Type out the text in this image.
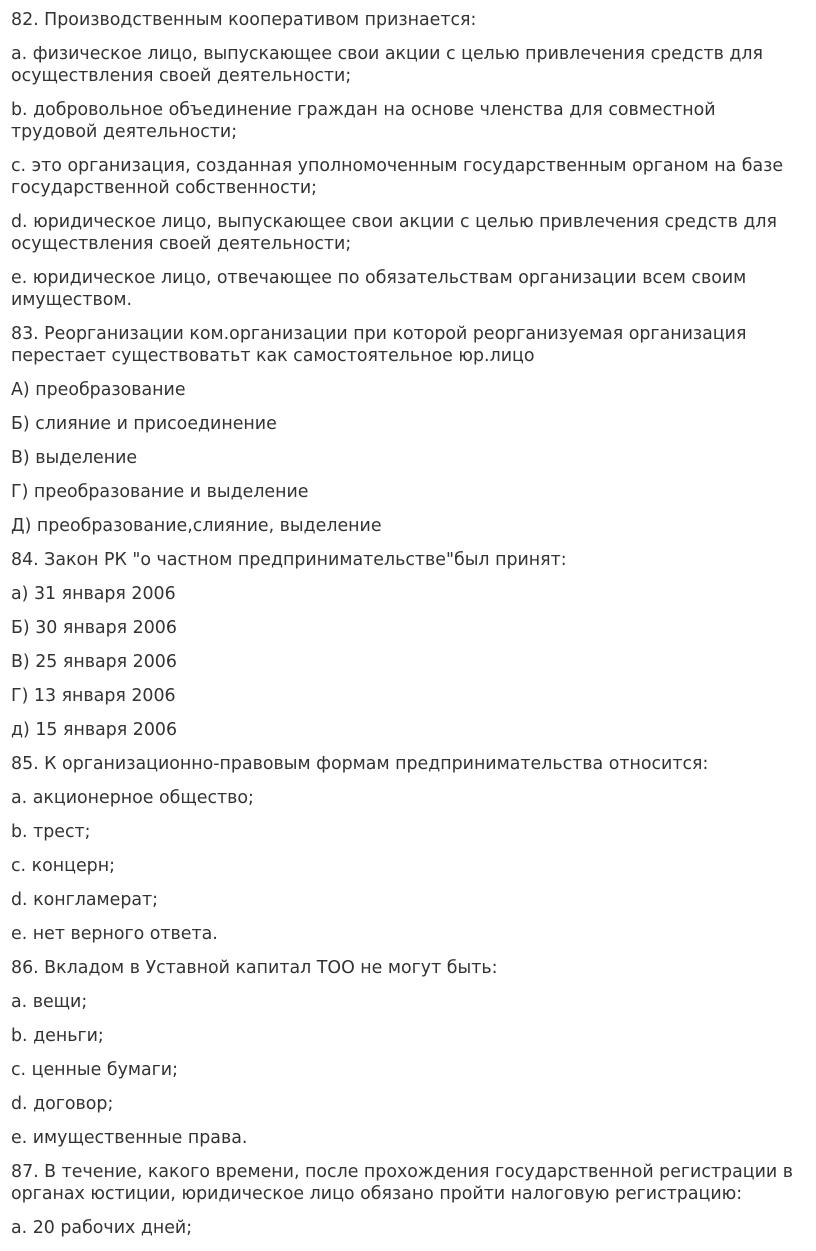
82. Производственным кооперативом признается:

a. физическое лицо, выпускающее свои акции с целью привлечения средств для осуществления своей деятельности;

b. добровольное объединение граждан на основе членства для совместной трудовой деятельности;

c. это организация, созданная уполномоченным государственным органом на базе государственной собственности;

d. юридическое лицо, выпускающее свои акции с целью привлечения средств для осуществления своей деятельности;

e. юридическое лицо, отвечающее по обязательствам организации всем своим имуществом.

83. Реорганизации ком.организации при которой реорганизуемая организация перестает существоватьт как самостоятельное юр.лицо

А) преобразование

Б) слияние и присоединение

В) выделение

Г) преобразование и выделение

Д) преобразование,слияние, выделение

84. Закон РК "о частном предпринимательстве"был принят:

а) 31 января 2006

Б) 30 января 2006

В) 25 января 2006

Г) 13 января 2006

д) 15 января 2006

85. К организационно-правовым формам предпринимательства относится:

a. акционерное общество;

b. трест;

c. концерн;

d. конгламерат;

e. нет верного ответа.

86. Вкладом в Уставной капитал ТОО не могут быть:

a. вещи;

b. деньги;

c. ценные бумаги;

d. договор;

e. имущественные права.

87. В течение, какого времени, после прохождения государственной регистрации в органах юстиции, юридическое лицо обязано пройти налоговую регистрацию:

a. 20 рабочих дней;
